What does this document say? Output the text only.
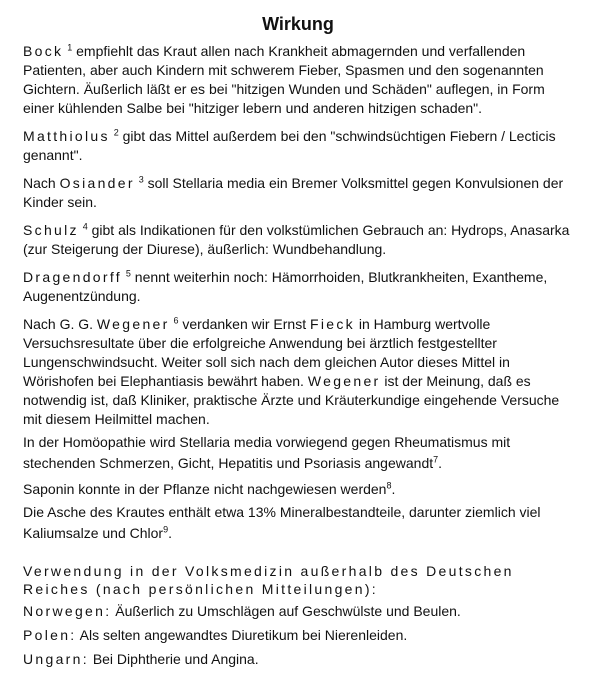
Wirkung

Bock $^1$ empfiehlt das Kraut allen nach Krankheit abmagernden und verfallenden Patienten, aber auch Kindern mit schwerem Fieber, Spasmen und den sogenannten Gichtern. Äußerlich läßt er es bei "hitzigen Wunden und Schäden" auflegen, in Form einer kühlenden Salbe bei "hitziger lebern und anderen hitzigen schaden".

Matthiolus $^2$ gibt das Mittel außerdem bei den "schwindsüchtigen Fiebern / Lecticis genannt".

Nach Osiander $^3$ soll Stellaria media ein Bremer Volksmittel gegen Konvulsionen der Kinder sein.

Schulz $^4$ gibt als Indikationen für den volkstümlichen Gebrauch an: Hydrops, Anasarka (zur Steigerung der Diurese), äußerlich: Wundbehandlung.

Dragendorff $^5$ nennt weiterhin noch: Hämorrhoiden, Blutkrankheiten, Exantheme, Augenentzündung.

Nach G. G. Wegener $^6$ verdanken wir Ernst Fieck in Hamburg wertvolle Versuchsresultate über die erfolgreiche Anwendung bei ärztlich festgestellter Lungenschwindsucht. Weiter soll sich nach dem gleichen Autor dieses Mittel in Wörishofen bei Elephantiasis bewährt haben. Wegener ist der Meinung, daß es notwendig ist, daß Kliniker, praktische Ärzte und Kräuterkundige eingehende Versuche mit diesem Heilmittel machen.

In der Homöopathie wird Stellaria media vorwiegend gegen Rheumatismus mit stechenden Schmerzen, Gicht, Hepatitis und Psoriasis angewandt$^7$.

Saponin konnte in der Pflanze nicht nachgewiesen werden$^8$.

Die Asche des Krautes enthält etwa 13% Mineralbestandteile, darunter ziemlich viel Kaliumsalze und Chlor$^9$.

Verwendung in der Volksmedizin außerhalb des Deutschen Reiches (nach persönlichen Mitteilungen):

Norwegen: Äußerlich zu Umschlägen auf Geschwülste und Beulen.

Polen: Als selten angewandtes Diuretikum bei Nierenleiden.

Ungarn: Bei Diphtherie und Angina.
